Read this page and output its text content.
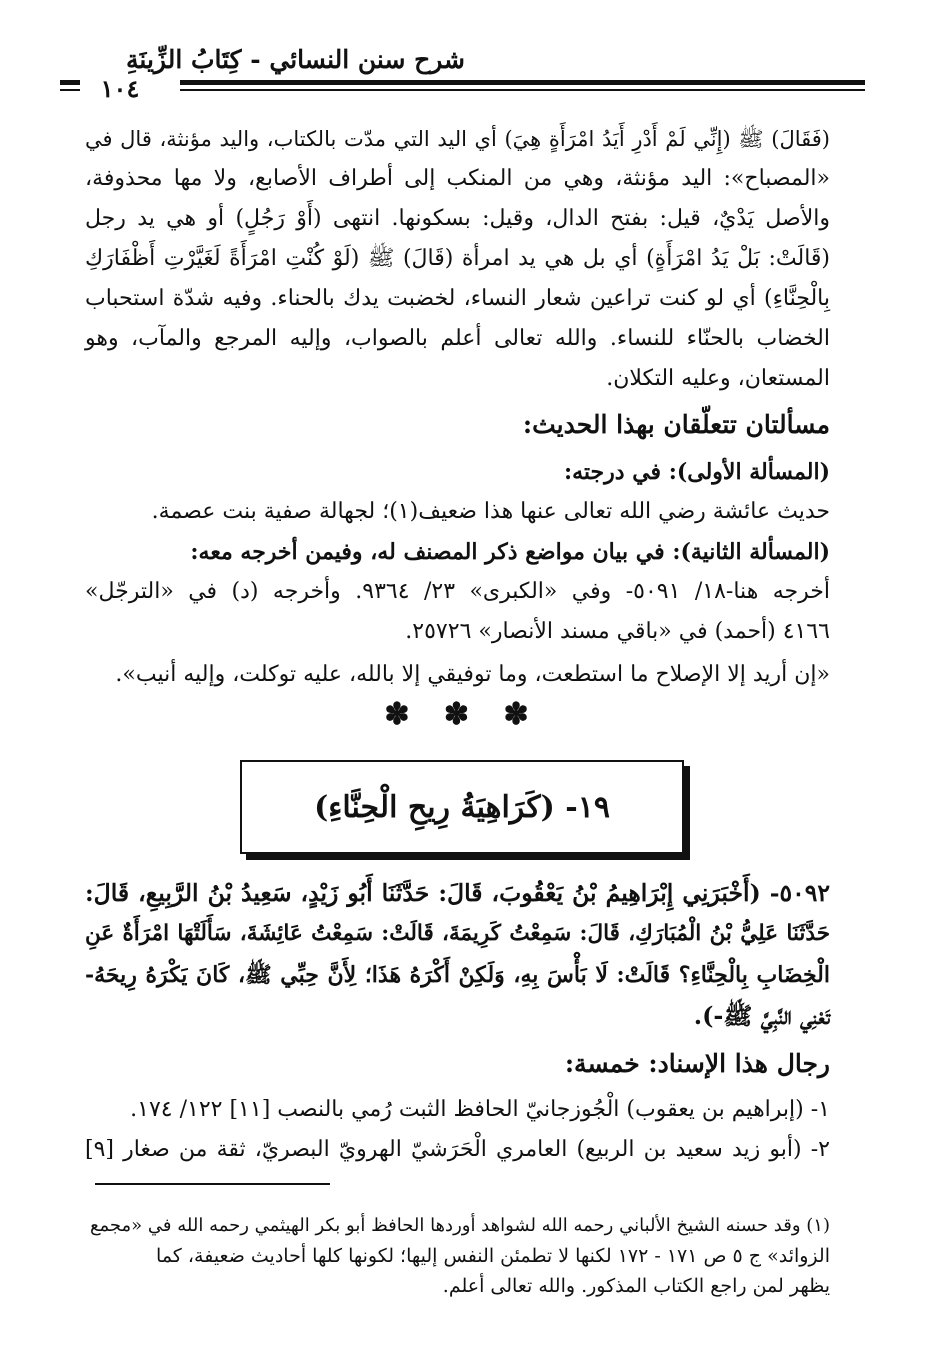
شرح سنن النسائي - كِتَابُ الزِّينَةِ
١٠٤
(فَقَالَ) ﷺ (إِنِّي لَمْ أَدْرِ أَيَدُ امْرَأَةٍ هِيَ) أي اليد التي مدّت بالكتاب، واليد مؤنثة، قال في
«المصباح»: اليد مؤنثة، وهي من المنكب إلى أطراف الأصابع، ولا مها محذوفة،
والأصل يَدْيٌ، قيل: بفتح الدال، وقيل: بسكونها. انتهى (أَوْ رَجُلٍ) أو هي يد رجل
(قَالَتْ: بَلْ يَدُ امْرَأَةٍ) أي بل هي يد امرأة (قَالَ) ﷺ (لَوْ كُنْتِ امْرَأَةً لَغَيَّرْتِ أَظْفَارَكِ
بِالْحِنَّاءِ) أي لو كنت تراعين شعار النساء، لخضبت يدك بالحناء. وفيه شدّة استحباب
الخضاب بالحنّاء للنساء. والله تعالى أعلم بالصواب، وإليه المرجع والمآب، وهو
المستعان، وعليه التكلان.
مسألتان تتعلّقان بهذا الحديث:
(المسألة الأولى): في درجته:
حديث عائشة رضي الله تعالى عنها هذا ضعيف(١)؛ لجهالة صفية بنت عصمة.
(المسألة الثانية): في بيان مواضع ذكر المصنف له، وفيمن أخرجه معه:
أخرجه هنا-١٨/ ٥٠٩١- وفي «الكبرى» ٢٣/ ٩٣٦٤. وأخرجه (د) في «الترجّل»
٤١٦٦ (أحمد) في «باقي مسند الأنصار» ٢٥٧٢٦.
«إن أريد إلا الإصلاح ما استطعت، وما توفيقي إلا بالله، عليه توكلت، وإليه أنيب».
✽ ✽ ✽
١٩- (كَرَاهِيَةُ رِيحِ الْحِنَّاءِ)
٥٠٩٢- (أَخْبَرَنِي إِبْرَاهِيمُ بْنُ يَعْقُوبَ، قَالَ: حَدَّثَنَا أَبُو زَيْدٍ، سَعِيدُ بْنُ الرَّبِيعِ، قَالَ:
حَدَّثَنَا عَلِيُّ بْنُ الْمُبَارَكِ، قَالَ: سَمِعْتُ كَرِيمَةَ، قَالَتْ: سَمِعْتُ عَائِشَةَ، سَأَلَتْهَا امْرَأَةٌ عَنِ
الْخِضَابِ بِالْحِنَّاءِ؟ قَالَتْ: لَا بَأْسَ بِهِ، وَلَكِنْ أَكْرَهُ هَذَا؛ لِأَنَّ حِبِّي ﷺ، كَانَ يَكْرَهُ رِيحَهُ-
تَعْنِي النَّبِيَّ ﷺ-).
رجال هذا الإسناد: خمسة:
١- (إبراهيم بن يعقوب) الْجُوزجانيّ الحافظ الثبت رُمي بالنصب [١١] ١٢٢/ ١٧٤.
٢- (أبو زيد سعيد بن الربيع) العامري الْحَرَشيّ الهرويّ البصريّ، ثقة من صغار [٩]
(١) وقد حسنه الشيخ الألباني رحمه الله لشواهد أوردها الحافظ أبو بكر الهيثمي رحمه الله في «مجمع
الزوائد» ج ٥ ص ١٧١ - ١٧٢ لكنها لا تطمئن النفس إليها؛ لكونها كلها أحاديث ضعيفة، كما
يظهر لمن راجع الكتاب المذكور. والله تعالى أعلم.
